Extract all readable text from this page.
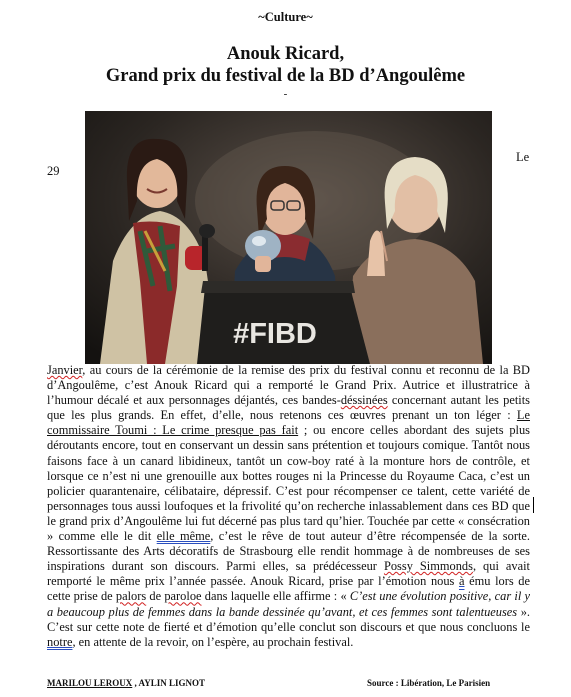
~Culture~
Anouk Ricard,
Grand prix du festival de la BD d’Angoulême
-
#FIBD
Le
29

Janvier, au cours de la cérémonie de la remise des prix du festival connu et reconnu de la BD d’Angoulême, c’est Anouk Ricard qui a remporté le Grand Prix. Autrice et illustratrice à l’humour décalé et aux personnages déjantés, ces bandes-déssinées concernant autant les petits que les plus grands. En effet, d’elle, nous retenons ces œuvres prenant un ton léger : Le commissaire Toumi : Le crime presque pas fait ; ou encore celles abordant des sujets plus déroutants encore, tout en conservant un dessin sans prétention et toujours comique. Tantôt nous faisons face à un canard libidineux, tantôt un cow-boy raté à la monture hors de contrôle, et lorsque ce n’est ni une grenouille aux bottes rouges ni la Princesse du Royaume Caca, c’est un policier quarantenaire, célibataire, dépressif. C’est pour récompenser ce talent, cette variété de personnages tous aussi loufoques et la frivolité qu’on recherche inlassablement dans ces BD que le grand prix d’Angoulême lui fut décerné pas plus tard qu’hier. Touchée par cette « consécration » comme elle le dit elle même, c’est le rêve de tout auteur d’être récompensée de la sorte. Ressortissante des Arts décoratifs de Strasbourg elle rendit hommage à de nombreuses de ses inspirations durant son discours. Parmi elles, sa prédécesseur Possy Simmonds, qui avait remporté le même prix l’année passée. Anouk Ricard, prise par l’émotion nous à ému lors de cette prise de palors de paroloe dans laquelle elle affirme : « C’est une évolution positive, car il y a beaucoup plus de femmes dans la bande dessinée qu’avant, et ces femmes sont talentueuses ». C’est sur cette note de fierté et d’émotion qu’elle conclut son discours et que nous concluons le notre, en attente de la revoir, on l’espère, au prochain festival.

MARILOU LEROUX , AYLIN LIGNOT	Source : Libération, Le Parisien
